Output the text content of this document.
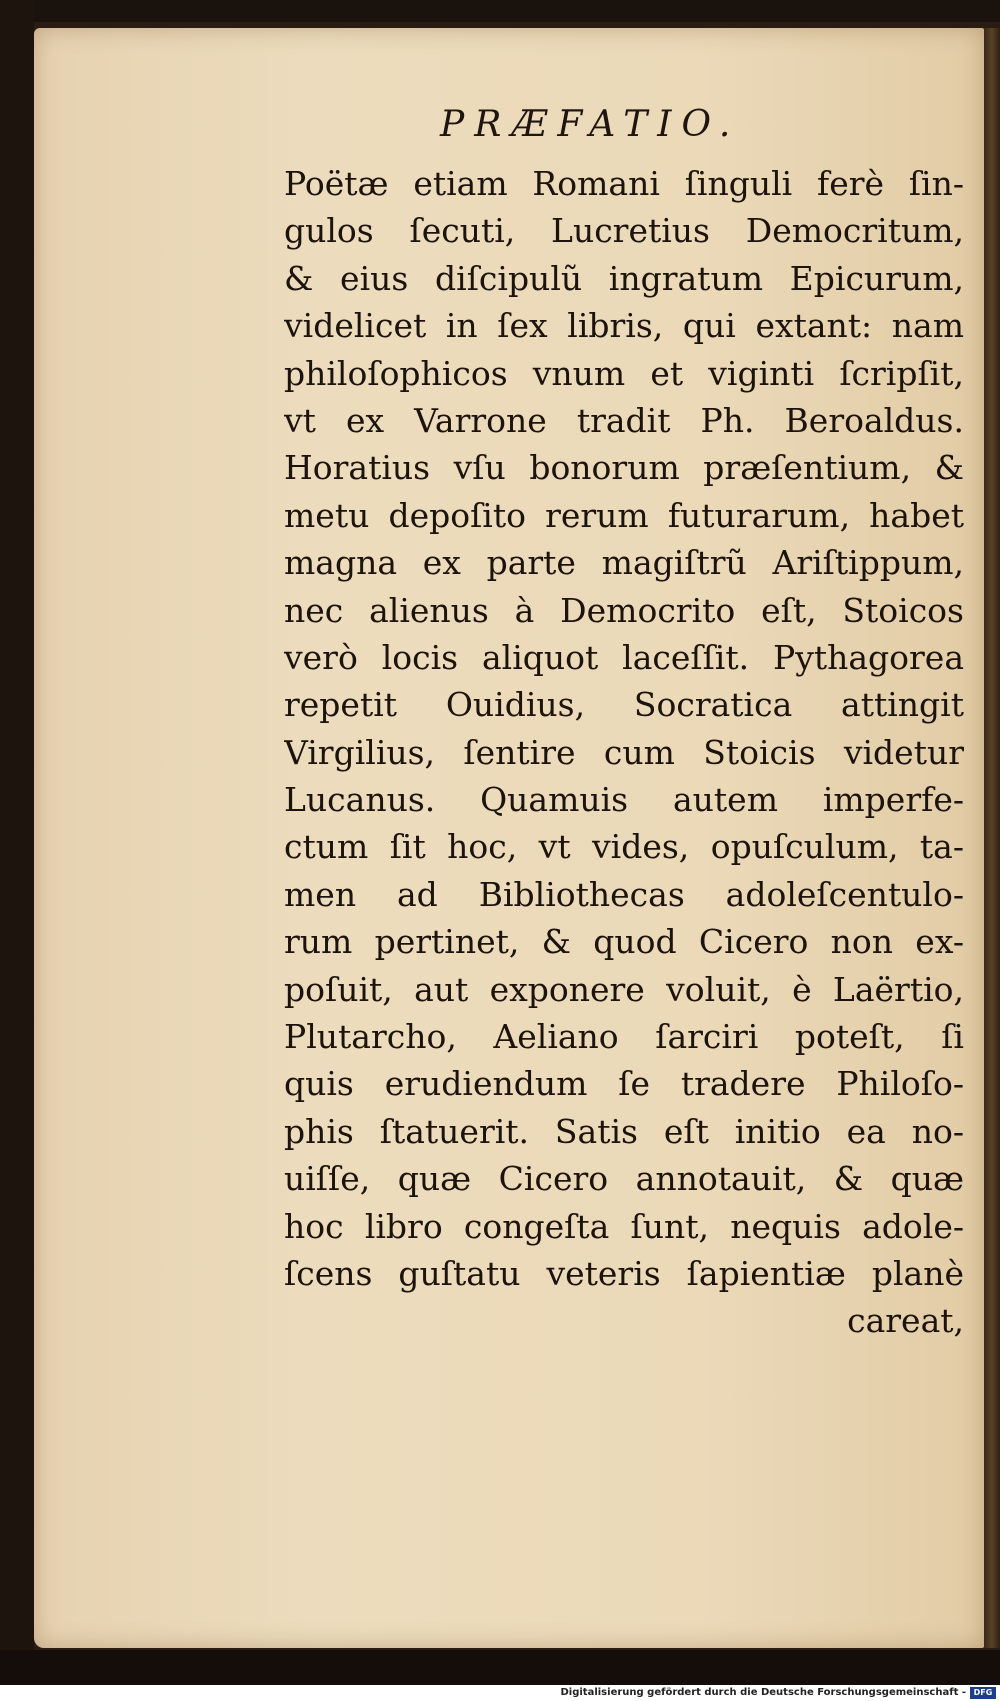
PRÆFATIO.
Poëtæ etiam Romani ſinguli ferè ſin-
gulos ſecuti, Lucretius Democritum,
& eius diſcipulũ ingratum Epicurum,
videlicet in ſex libris, qui extant: nam
philoſophicos vnum et viginti ſcripſit,
vt ex Varrone tradit Ph. Beroaldus.
Horatius vſu bonorum præſentium, &
metu depoſito rerum futurarum, habet
magna ex parte magiſtrũ Ariſtippum,
nec alienus à Democrito eſt, Stoicos
verò locis aliquot laceſſit. Pythagorea
repetit Ouidius, Socratica attingit
Virgilius, ſentire cum Stoicis videtur
Lucanus. Quamuis autem imperfe-
ctum ſit hoc, vt vides, opuſculum, ta-
men ad Bibliothecas adoleſcentulo-
rum pertinet, & quod Cicero non ex-
poſuit, aut exponere voluit, è Laërtio,
Plutarcho, Aeliano ſarciri poteſt, ſi
quis erudiendum ſe tradere Philoſo-
phis ſtatuerit. Satis eſt initio ea no-
uiſſe, quæ Cicero annotauit, & quæ
hoc libro congeſta ſunt, nequis adole-
ſcens guſtatu veteris ſapientiæ planè
careat,
Digitalisierung gefördert durch die Deutsche Forschungsgemeinschaft - DFG
